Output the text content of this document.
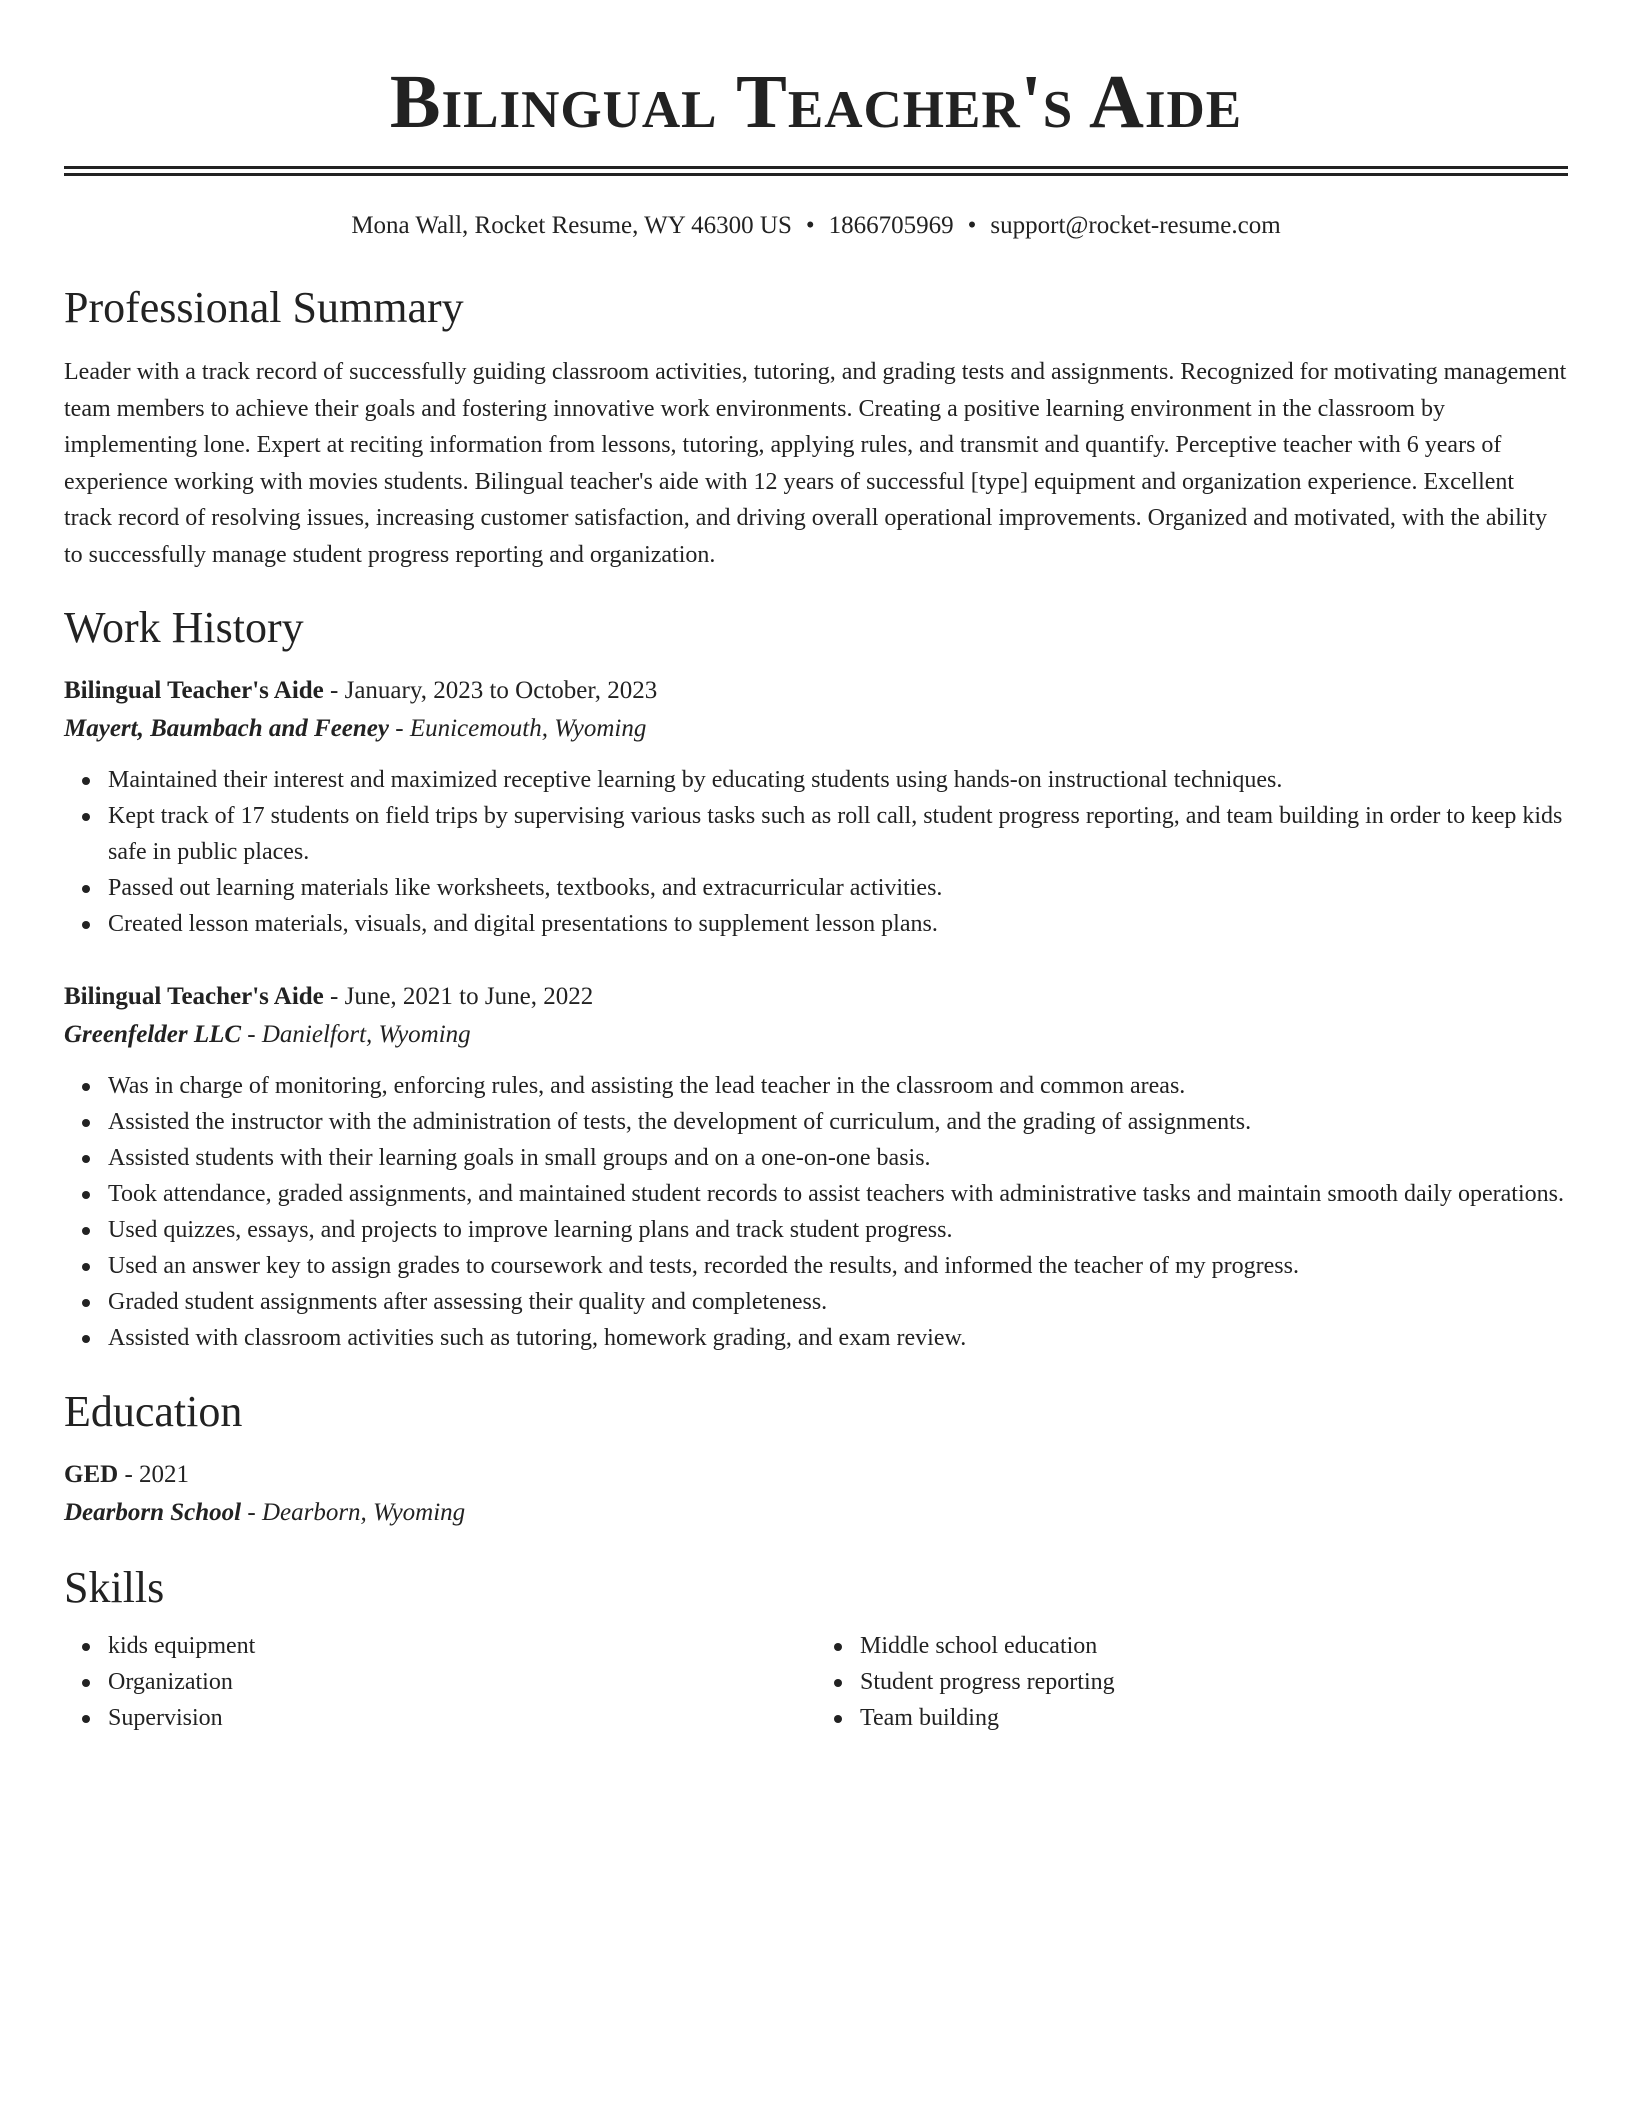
Bilingual Teacher's Aide
Mona Wall, Rocket Resume, WY 46300 US • 1866705969 • support@rocket-resume.com
Professional Summary

Leader with a track record of successfully guiding classroom activities, tutoring, and grading tests and assignments. Recognized for motivating management team members to achieve their goals and fostering innovative work environments. Creating a positive learning environment in the classroom by implementing lone. Expert at reciting information from lessons, tutoring, applying rules, and transmit and quantify. Perceptive teacher with 6 years of experience working with movies students. Bilingual teacher's aide with 12 years of successful [type] equipment and organization experience. Excellent track record of resolving issues, increasing customer satisfaction, and driving overall operational improvements. Organized and motivated, with the ability to successfully manage student progress reporting and organization.

Work History
Bilingual Teacher's Aide - January, 2023 to October, 2023
Mayert, Baumbach and Feeney - Eunicemouth, Wyoming
Maintained their interest and maximized receptive learning by educating students using hands-on instructional techniques.
Kept track of 17 students on field trips by supervising various tasks such as roll call, student progress reporting, and team building in order to keep kids safe in public places.
Passed out learning materials like worksheets, textbooks, and extracurricular activities.
Created lesson materials, visuals, and digital presentations to supplement lesson plans.
Bilingual Teacher's Aide - June, 2021 to June, 2022
Greenfelder LLC - Danielfort, Wyoming
Was in charge of monitoring, enforcing rules, and assisting the lead teacher in the classroom and common areas.
Assisted the instructor with the administration of tests, the development of curriculum, and the grading of assignments.
Assisted students with their learning goals in small groups and on a one-on-one basis.
Took attendance, graded assignments, and maintained student records to assist teachers with administrative tasks and maintain smooth daily operations.
Used quizzes, essays, and projects to improve learning plans and track student progress.
Used an answer key to assign grades to coursework and tests, recorded the results, and informed the teacher of my progress.
Graded student assignments after assessing their quality and completeness.
Assisted with classroom activities such as tutoring, homework grading, and exam review.
Education
GED - 2021
Dearborn School - Dearborn, Wyoming
Skills
kids equipment
Organization
Supervision
Middle school education
Student progress reporting
Team building
